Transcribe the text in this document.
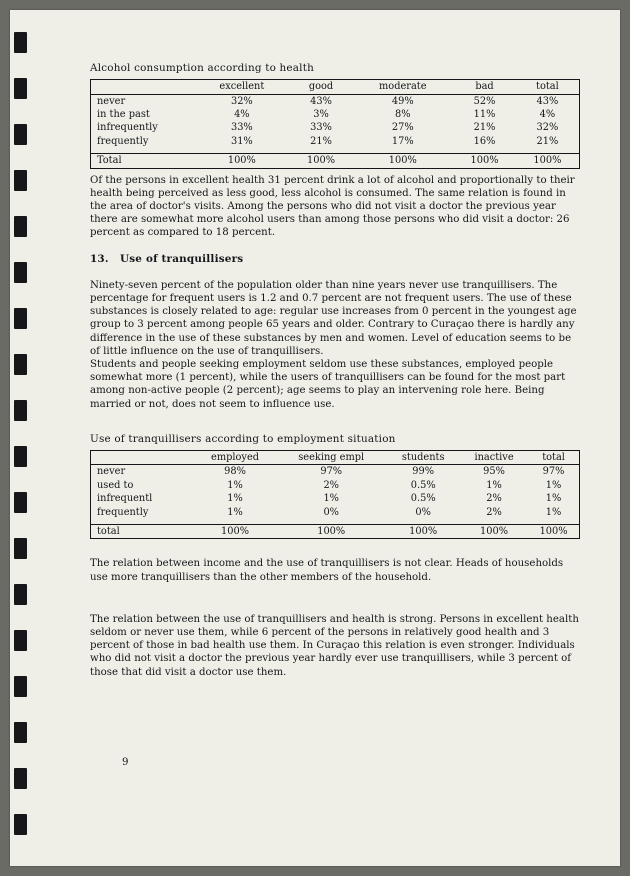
Alcohol consumption according to health
	excellent	good	moderate	bad	total
never	32%	43%	49%	52%	43%
in the past	4%	3%	8%	11%	4%
infrequently	33%	33%	27%	21%	32%
frequently	31%	21%	17%	16%	21%

Total	100%	100%	100%	100%	100%

Of the persons in excellent health 31 percent drink a lot of alcohol and proportionally to their health being perceived as less good, less alcohol is consumed. The same relation is found in the area of doctor's visits. Among the persons who did not visit a doctor the previous year there are somewhat more alcohol users than among those persons who did visit a doctor: 26 percent as compared to 18 percent.

13. Use of tranquillisers

Ninety-seven percent of the population older than nine years never use tranquillisers. The percentage for frequent users is 1.2 and 0.7 percent are not frequent users. The use of these substances is closely related to age: regular use increases from 0 percent in the youngest age group to 3 percent among people 65 years and older. Contrary to Curaçao there is hardly any difference in the use of these substances by men and women. Level of education seems to be of little influence on the use of tranquillisers.

Students and people seeking employment seldom use these substances, employed people somewhat more (1 percent), while the users of tranquillisers can be found for the most part among non-active people (2 percent); age seems to play an intervening role here. Being married or not, does not seem to influence use.

Use of tranquillisers according to employment situation
	employed	seeking empl	students	inactive	total
never	98%	97%	99%	95%	97%
used to	1%	2%	0.5%	1%	1%
infrequentl	1%	1%	0.5%	2%	1%
frequently	1%	0%	0%	2%	1%

total	100%	100%	100%	100%	100%

The relation between income and the use of tranquillisers is not clear. Heads of households use more tranquillisers than the other members of the household.

The relation between the use of tranquillisers and health is strong. Persons in excellent health seldom or never use them, while 6 percent of the persons in relatively good health and 3 percent of those in bad health use them. In Curaçao this relation is even stronger. Individuals who did not visit a doctor the previous year hardly ever use tranquillisers, while 3 percent of those that did visit a doctor use them.

9
